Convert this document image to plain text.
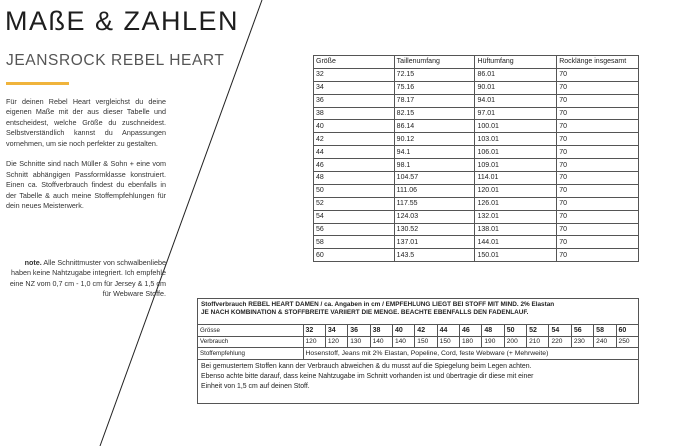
MAßE & ZAHLEN
JEANSROCK REBEL HEART

Für deinen Rebel Heart vergleichst du deine eigenen Maße mit der aus dieser Tabelle und entscheidest, welche Größe du zuschneidest. Selbstverständlich kannst du Anpassungen vornehmen, um sie noch perfekter zu gestalten.

Die Schnitte sind nach Müller & Sohn + eine vom Schnitt abhängigen Passformklasse konstruiert. Einen ca. Stoffverbrauch findest du ebenfalls in der Tabelle & auch meine Stoffempfehlungen für dein neues Meisterwerk.

note. Alle Schnittmuster von schwalbenliebe haben keine Nahtzugabe integriert. Ich empfehle eine NZ vom 0,7 cm - 1,0 cm für Jersey & 1,5 cm für Webware Stoffe.
Größe	Taillenumfang	Hüftumfang	Rocklänge insgesamt
32	72.15	86.01	70
34	75.16	90.01	70
36	78.17	94.01	70
38	82.15	97.01	70
40	86.14	100.01	70
42	90.12	103.01	70
44	94.1	106.01	70
46	98.1	109.01	70
48	104.57	114.01	70
50	111.06	120.01	70
52	117.55	126.01	70
54	124.03	132.01	70
56	130.52	138.01	70
58	137.01	144.01	70
60	143.5	150.01	70
Stoffverbrauch REBEL HEART DAMEN / ca. Angaben in cm / EMPFEHLUNG LIEGT BEI STOFF MIT MIND. 2% Elastan
JE NACH KOMBINATION & STOFFBREITE VARIIERT DIE MENGE. BEACHTE EBENFALLS DEN FADENLAUF.
Grösse	32	34	36	38	40	42	44	46	48	50	52	54	56	58	60
Verbrauch	120	120	130	140	140	150	150	180	190	200	210	220	230	240	250
Stoffempfehlung	Hosenstoff, Jeans mit 2% Elastan, Popeline, Cord, feste Webware (+ Mehrweite)														
Bei gemustertem Stoffen kann der Verbrauch abweichen & du musst auf die Spiegelung beim Legen achten.
Ebenso achte bitte darauf, dass keine Nahtzugabe im Schnitt vorhanden ist und übertragie dir diese mit einer
Einheit von 1,5 cm auf deinen Stoff.
